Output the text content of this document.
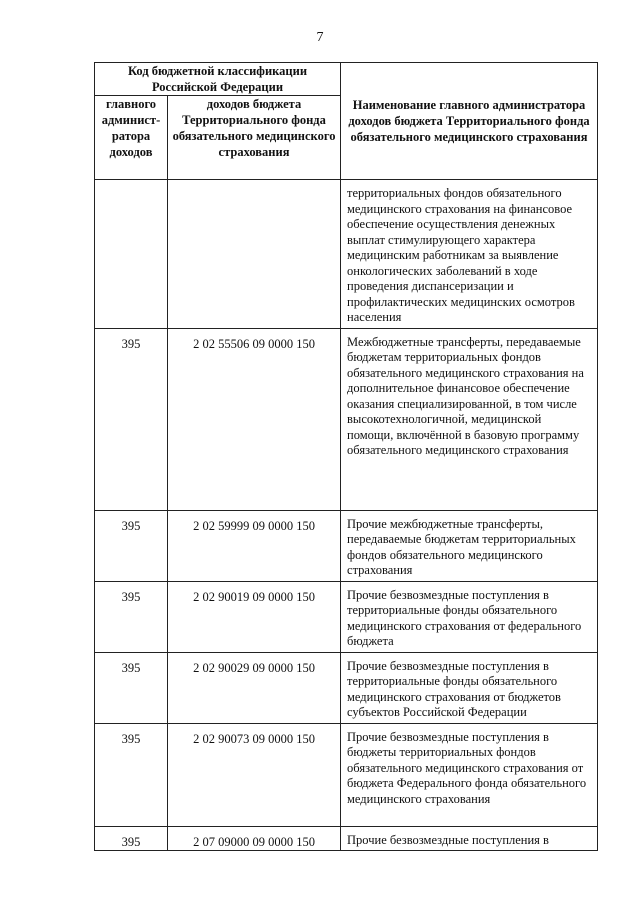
7
Код бюджетной классификации Российской Федерации		Наименование главного администратора доходов бюджета Территориального фонда обязательного медицинского страхования
главного админист-ратора доходов	доходов бюджета Территориального фонда обязательного медицинского страхования	
		территориальных фондов обязательного медицинского страхования на финансовое обеспечение осуществления денежных выплат стимулирующего характера медицинским работникам за выявление онкологических заболеваний в ходе проведения диспансеризации и профилактических медицинских осмотров населения
395	2 02 55506 09 0000 150	Межбюджетные трансферты, передаваемые бюджетам территориальных фондов обязательного медицинского страхования на дополнительное финансовое обеспечение оказания специализированной, в том числе высокотехнологичной, медицинской помощи, включённой в базовую программу обязательного медицинского страхования
395	2 02 59999 09 0000 150	Прочие межбюджетные трансферты, передаваемые бюджетам территориальных фондов обязательного медицинского страхования
395	2 02 90019 09 0000 150	Прочие безвозмездные поступления в территориальные фонды обязательного медицинского страхования от федерального бюджета
395	2 02 90029 09 0000 150	Прочие безвозмездные поступления в территориальные фонды обязательного медицинского страхования от бюджетов субъектов Российской Федерации
395	2 02 90073 09 0000 150	Прочие безвозмездные поступления в бюджеты территориальных фондов обязательного медицинского страхования от бюджета Федерального фонда обязательного медицинского страхования
395	2 07 09000 09 0000 150	Прочие безвозмездные поступления в
